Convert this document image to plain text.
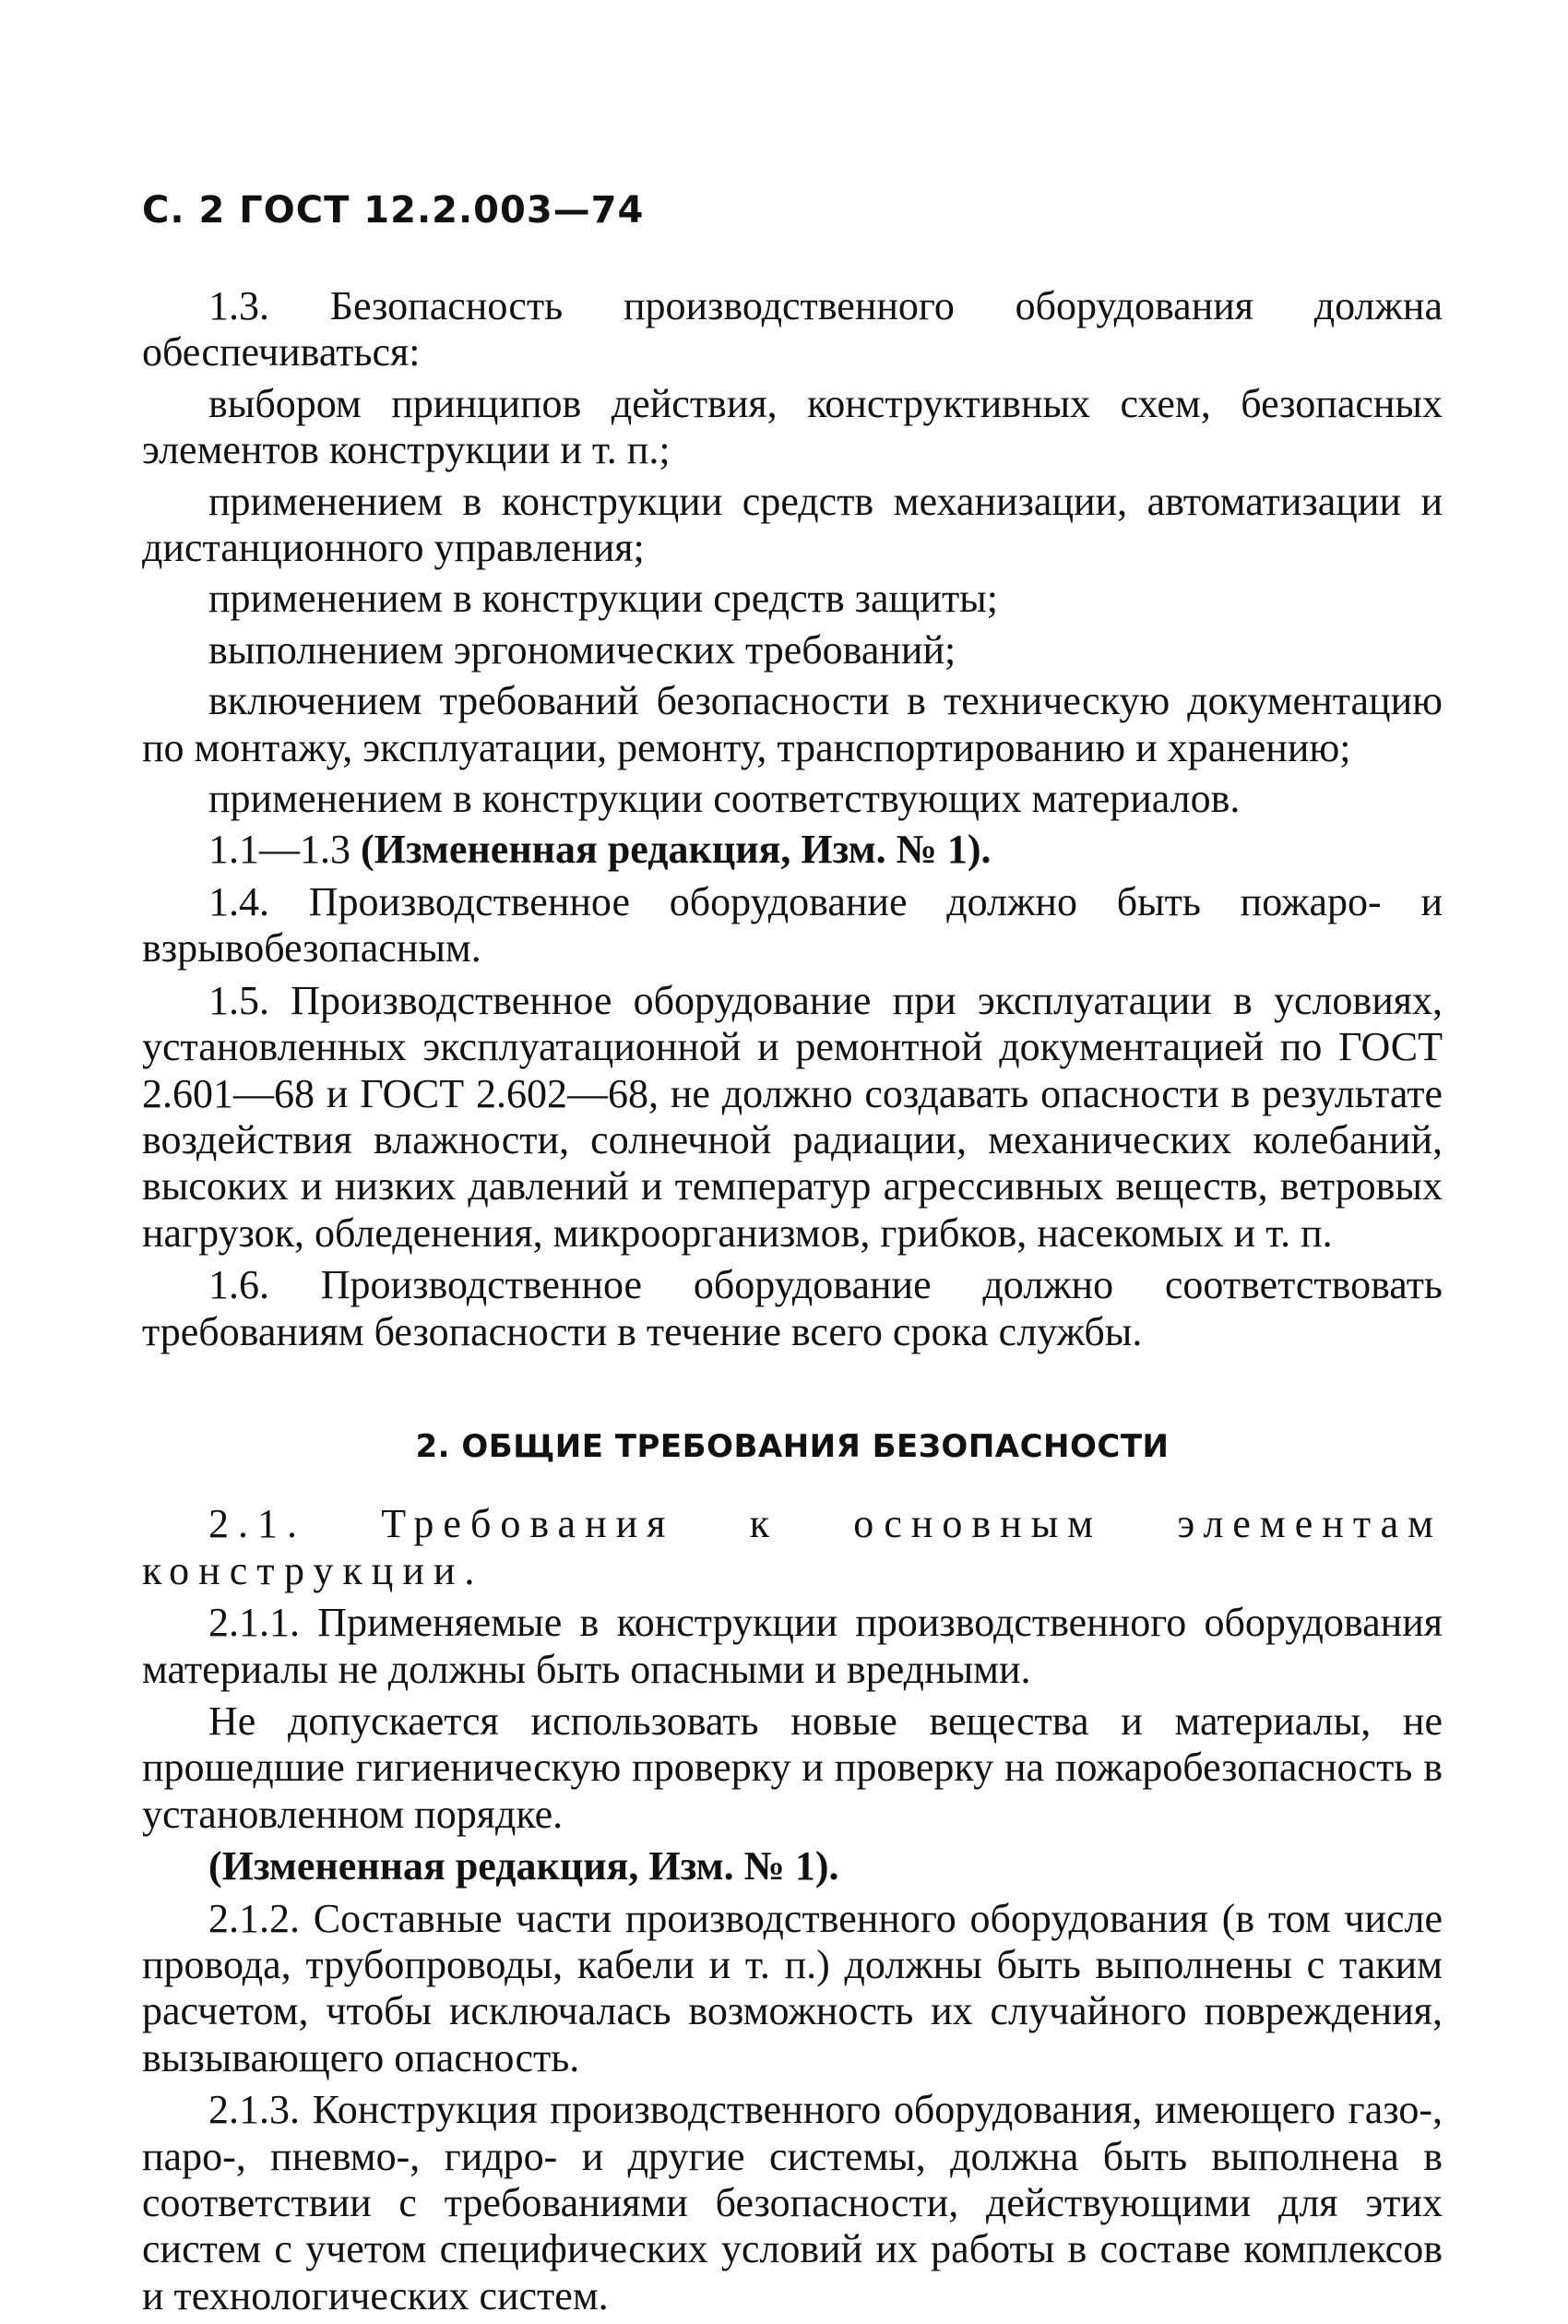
С. 2 ГОСТ 12.2.003—74

1.3. Безопасность производственного оборудования должна обеспечиваться:

выбором принципов действия, конструктивных схем, безопасных элементов конструкции и т. п.;

применением в конструкции средств механизации, автоматизации и дистанционного управления;

применением в конструкции средств защиты;

выполнением эргономических требований;

включением требований безопасности в техническую документацию по монтажу, эксплуатации, ремонту, транспортированию и хранению;

применением в конструкции соответствующих материалов.

1.1—1.3 (Измененная редакция, Изм. № 1).

1.4. Производственное оборудование должно быть пожаро- и взрывобезопасным.

1.5. Производственное оборудование при эксплуатации в условиях, установленных эксплуатационной и ремонтной документацией по ГОСТ 2.601—68 и ГОСТ 2.602—68, не должно создавать опасности в результате воздействия влажности, солнечной радиации, механических колебаний, высоких и низких давлений и температур агрессивных веществ, ветровых нагрузок, обледенения, микроорганизмов, грибков, насекомых и т. п.

1.6. Производственное оборудование должно соответствовать требованиям безопасности в течение всего срока службы.

2. ОБЩИЕ ТРЕБОВАНИЯ БЕЗОПАСНОСТИ

2.1. Требования к основным элементам конструкции.

2.1.1. Применяемые в конструкции производственного оборудования материалы не должны быть опасными и вредными.

Не допускается использовать новые вещества и материалы, не прошедшие гигиеническую проверку и проверку на пожаробезопасность в установленном порядке.

(Измененная редакция, Изм. № 1).

2.1.2. Составные части производственного оборудования (в том числе провода, трубопроводы, кабели и т. п.) должны быть выполнены с таким расчетом, чтобы исключалась возможность их случайного повреждения, вызывающего опасность.

2.1.3. Конструкция производственного оборудования, имеющего газо-, паро-, пневмо-, гидро- и другие системы, должна быть выполнена в соответствии с требованиями безопасности, действующими для этих систем с учетом специфических условий их работы в составе комплексов и технологических систем.
